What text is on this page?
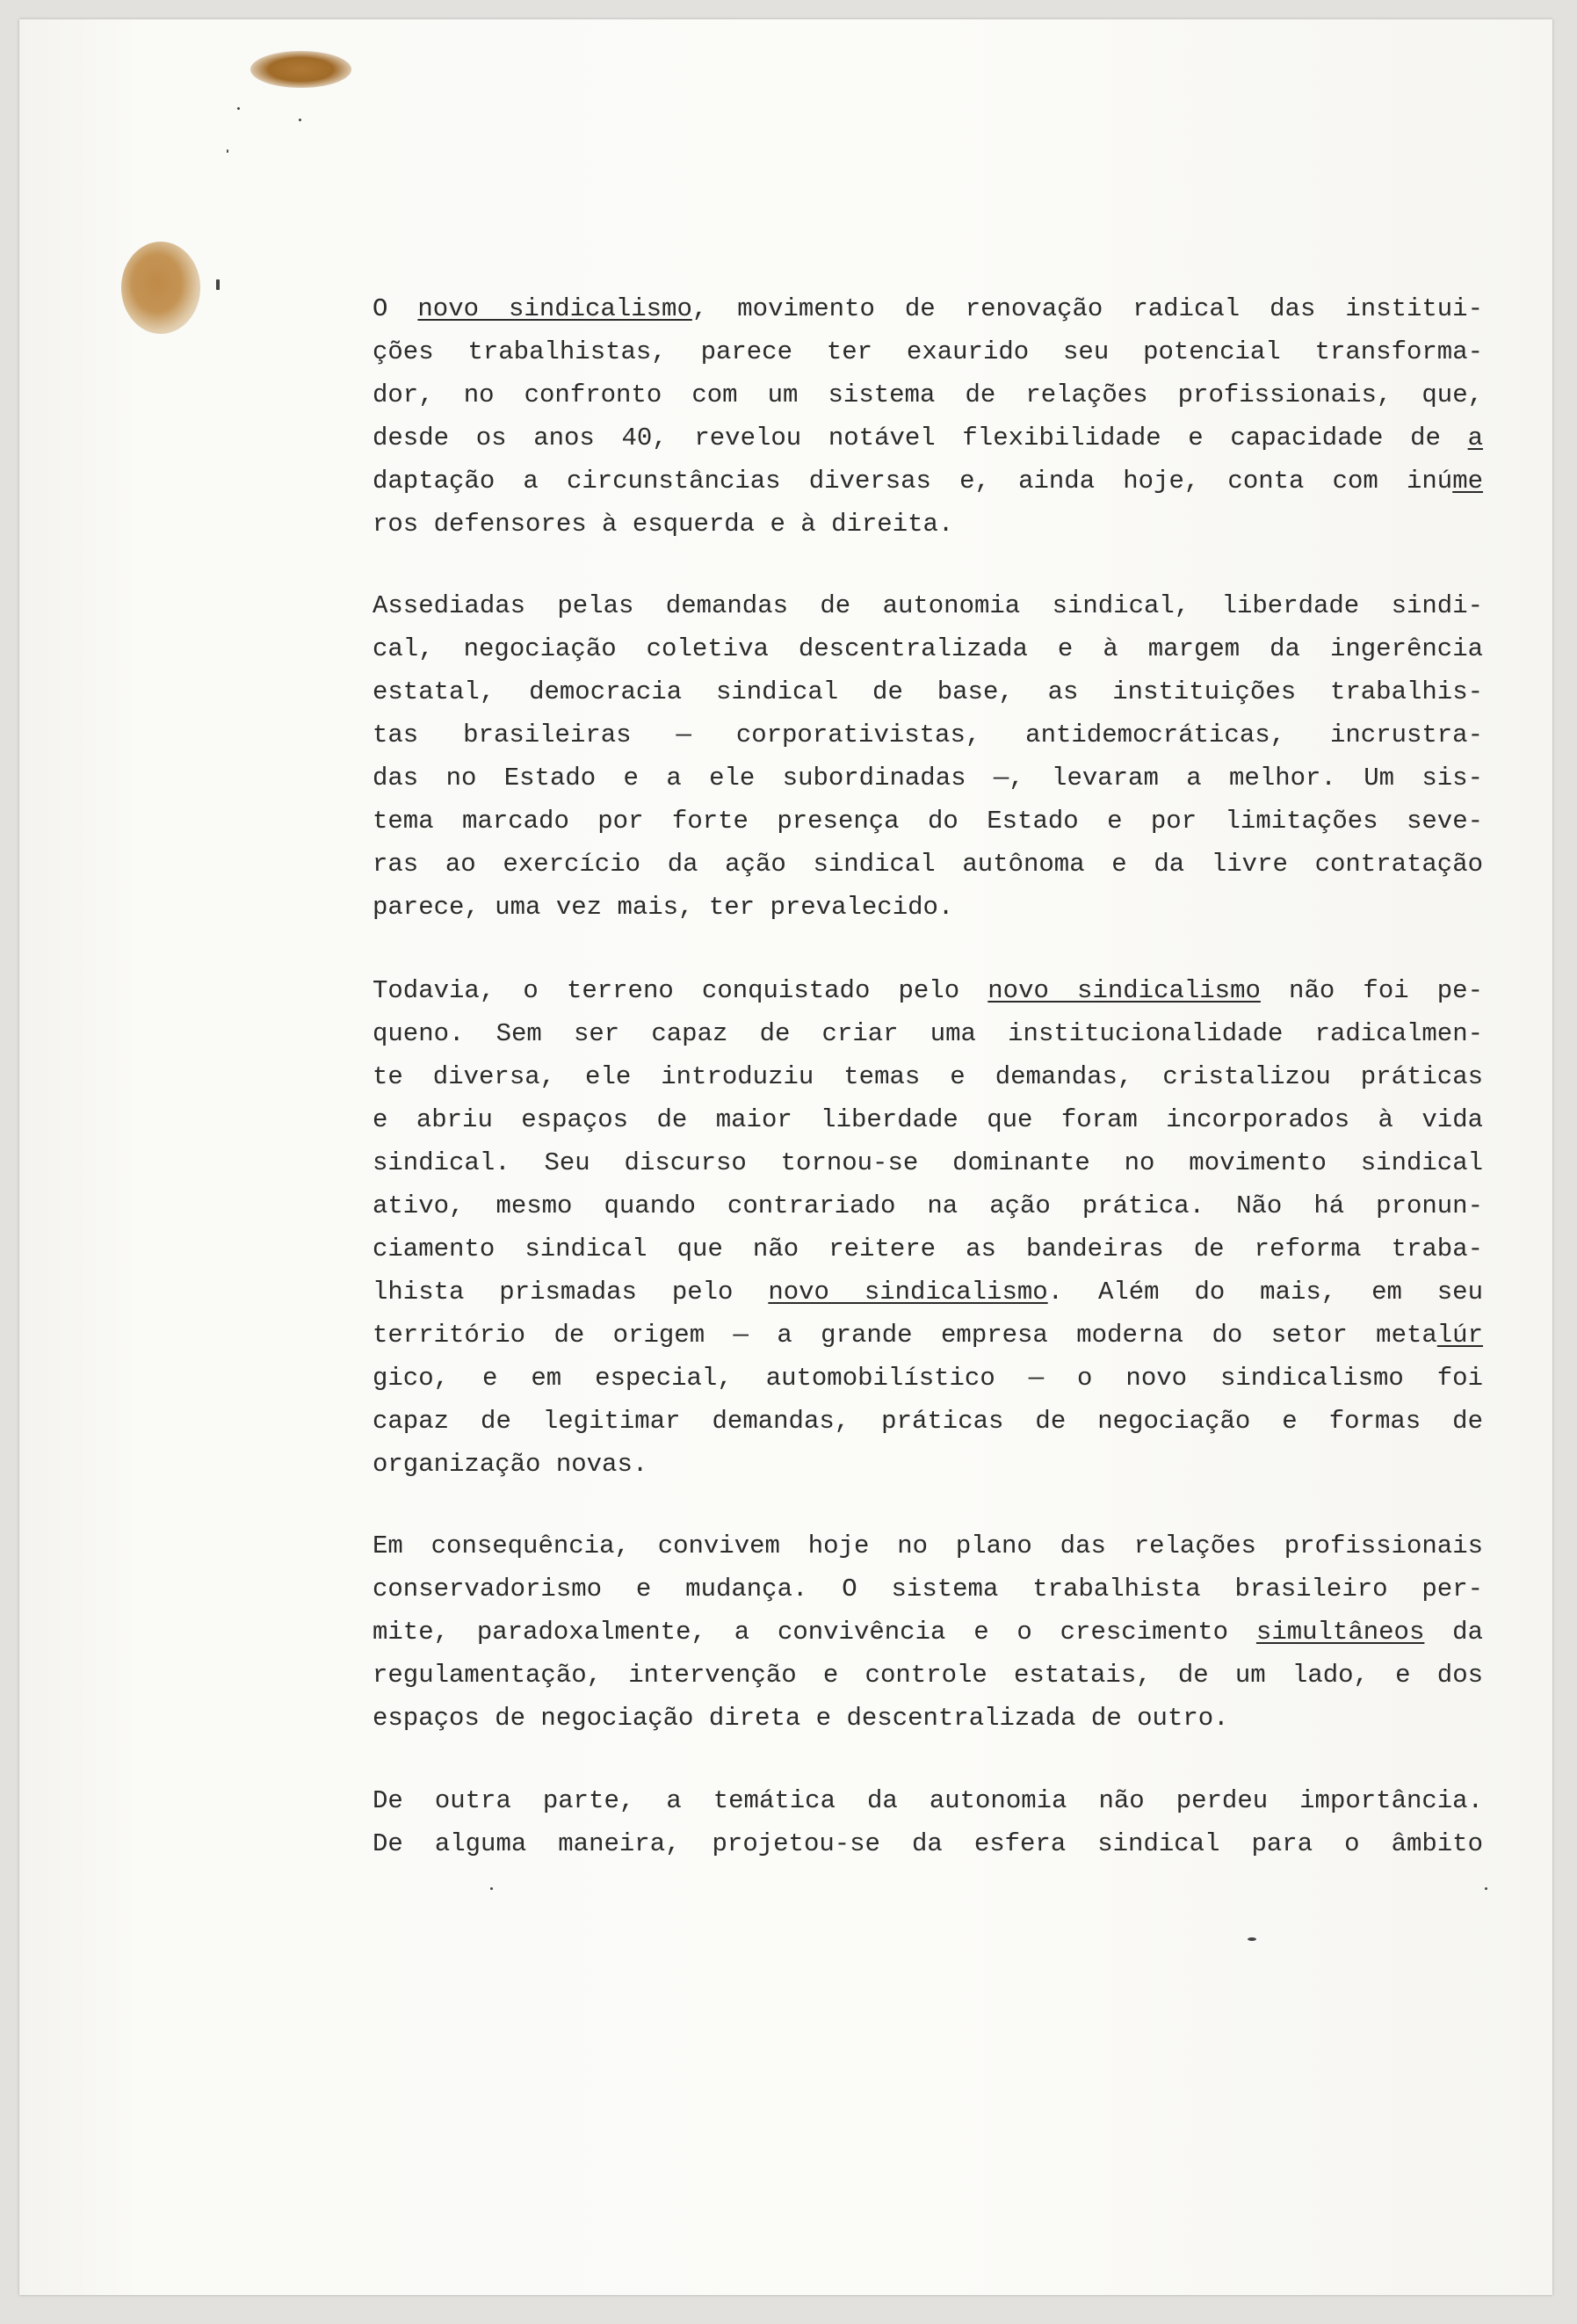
O novo sindicalismo, movimento de renovação radical das institui-
ções trabalhistas, parece ter exaurido seu potencial transforma-
dor, no confronto com um sistema de relações profissionais, que,
desde os anos 40, revelou notável flexibilidade e capacidade de a
daptação a circunstâncias diversas e, ainda hoje, conta com inúme
ros defensores à esquerda e à direita.
Assediadas pelas demandas de autonomia sindical, liberdade sindi-
cal, negociação coletiva descentralizada e à margem da ingerência
estatal, democracia sindical de base, as instituições trabalhis-
tas brasileiras — corporativistas, antidemocráticas, incrustra-
das no Estado e a ele subordinadas —, levaram a melhor. Um sis-
tema marcado por forte presença do Estado e por limitações seve-
ras ao exercício da ação sindical autônoma e da livre contratação
parece, uma vez mais, ter prevalecido.
Todavia, o terreno conquistado pelo novo sindicalismo não foi pe-
queno. Sem ser capaz de criar uma institucionalidade radicalmen-
te diversa, ele introduziu temas e demandas, cristalizou práticas
e abriu espaços de maior liberdade que foram incorporados à vida
sindical. Seu discurso tornou-se dominante no movimento sindical
ativo, mesmo quando contrariado na ação prática. Não há pronun-
ciamento sindical que não reitere as bandeiras de reforma traba-
lhista prismadas pelo novo sindicalismo. Além do mais, em seu
território de origem — a grande empresa moderna do setor metalúr
gico, e em especial, automobilístico — o novo sindicalismo foi
capaz de legitimar demandas, práticas de negociação e formas de
organização novas.
Em consequência, convivem hoje no plano das relações profissionais
conservadorismo e mudança. O sistema trabalhista brasileiro per-
mite, paradoxalmente, a convivência e o crescimento simultâneos da
regulamentação, intervenção e controle estatais, de um lado, e dos
espaços de negociação direta e descentralizada de outro.
De outra parte, a temática da autonomia não perdeu importância.
De alguma maneira, projetou-se da esfera sindical para o âmbito
